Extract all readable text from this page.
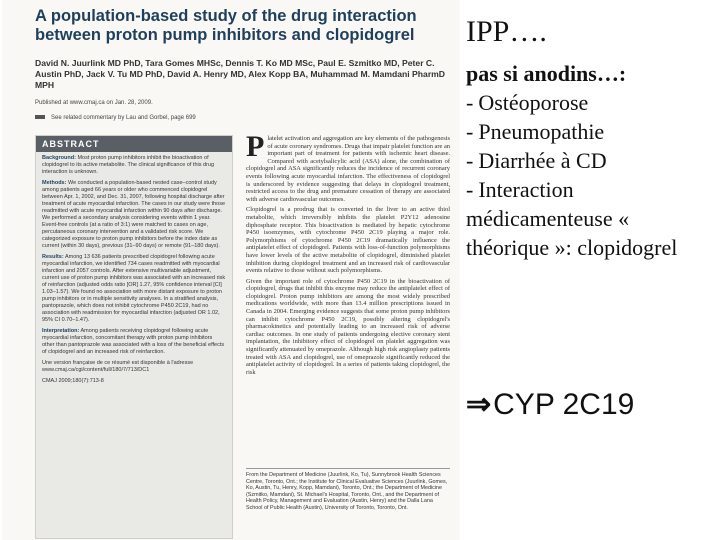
A population-based study of the drug interaction between proton pump inhibitors and clopidogrel
David N. Juurlink MD PhD, Tara Gomes MHSc, Dennis T. Ko MD MSc, Paul E. Szmitko MD, Peter C. Austin PhD, Jack V. Tu MD PhD, David A. Henry MD, Alex Kopp BA, Muhammad M. Mamdani PharmD MPH
Published at www.cmaj.ca on Jan. 28, 2009.
See related commentary by Lau and Gorbel, page 699
ABSTRACT

Background: Most proton pump inhibitors inhibit the bioactivation of clopidogrel to its active metabolite. The clinical significance of this drug interaction is unknown.

Methods: We conducted a population-based nested case–control study among patients aged 66 years or older who commenced clopidogrel between Apr. 1, 2002, and Dec. 31, 2007, following hospital discharge after treatment of acute myocardial infarction. The cases in our study were those readmitted with acute myocardial infarction within 90 days after discharge. We performed a secondary analysis considering events within 1 year. Event-free controls (at a ratio of 3:1) were matched to cases on age, percutaneous coronary intervention and a validated risk score. We categorized exposure to proton pump inhibitors before the index date as current (within 30 days), previous (31–90 days) or remote (91–180 days).

Results: Among 13 636 patients prescribed clopidogrel following acute myocardial infarction, we identified 734 cases readmitted with myocardial infarction and 2057 controls. After extensive multivariable adjustment, current use of proton pump inhibitors was associated with an increased risk of reinfarction (adjusted odds ratio [OR] 1.27, 95% confidence interval [CI] 1.03–1.57). We found no association with more distant exposure to proton pump inhibitors or in multiple sensitivity analyses. In a stratified analysis, pantoprazole, which does not inhibit cytochrome P450 2C19, had no association with readmission for myocardial infarction (adjusted OR 1.02, 95% CI 0.70–1.47).

Interpretation: Among patients receiving clopidogrel following acute myocardial infarction, concomitant therapy with proton pump inhibitors other than pantoprazole was associated with a loss of the beneficial effects of clopidogrel and an increased risk of reinfarction.

Une version française de ce résumé est disponible à l'adresse www.cmaj.ca/cgi/content/full/180/7/713/DC1

CMAJ 2009;180(7):713-8

Platelet activation and aggregation are key elements of the pathogenesis of acute coronary syndromes. Drugs that impair platelet function are an important part of treatment for patients with ischemic heart disease. Compared with acetylsalicylic acid (ASA) alone, the combination of clopidogrel and ASA significantly reduces the incidence of recurrent coronary events following acute myocardial infarction. The effectiveness of clopidogrel is underscored by evidence suggesting that delays in clopidogrel treatment, restricted access to the drug and premature cessation of therapy are associated with adverse cardiovascular outcomes.

Clopidogrel is a prodrug that is converted in the liver to an active thiol metabolite, which irreversibly inhibits the platelet P2Y12 adenosine diphosphate receptor. This bioactivation is mediated by hepatic cytochrome P450 isoenzymes, with cytochrome P450 2C19 playing a major role. Polymorphisms of cytochrome P450 2C19 dramatically influence the antiplatelet effect of clopidogrel. Patients with loss-of-function polymorphisms have lower levels of the active metabolite of clopidogrel, diminished platelet inhibition during clopidogrel treatment and an increased risk of cardiovascular events relative to those without such polymorphisms.

Given the important role of cytochrome P450 2C19 in the bioactivation of clopidogrel, drugs that inhibit this enzyme may reduce the antiplatelet effect of clopidogrel. Proton pump inhibitors are among the most widely prescribed medications worldwide, with more than 13.4 million prescriptions issued in Canada in 2004. Emerging evidence suggests that some proton pump inhibitors can inhibit cytochrome P450 2C19, possibly altering clopidogrel's pharmacokinetics and potentially leading to an increased risk of adverse cardiac outcomes. In one study of patients undergoing elective coronary stent implantation, the inhibitory effect of clopidogrel on platelet aggregation was significantly attenuated by omeprazole. Although high risk angioplasty patients treated with ASA and clopidogrel, use of omeprazole significantly reduced the antiplatelet activity of clopidogrel. In a series of patients taking clopidogrel, the risk

From the Department of Medicine (Juurlink, Ko, Tu), Sunnybrook Health Sciences Centre, Toronto, Ont.; the Institute for Clinical Evaluative Sciences (Juurlink, Gomes, Ko, Austin, Tu, Henry, Kopp, Mamdani), Toronto, Ont.; the Department of Medicine (Szmitko, Mamdani), St. Michael's Hospital, Toronto, Ont., and the Department of Health Policy, Management and Evaluation (Austin, Henry) and the Dalla Lana School of Public Health (Austin), University of Toronto, Toronto, Ont.
IPP….
pas si anodins…:
- Ostéoporose
- Pneumopathie
- Diarrhée à CD
- Interaction médicamenteuse « théorique »: clopidogrel
⇒CYP 2C19
